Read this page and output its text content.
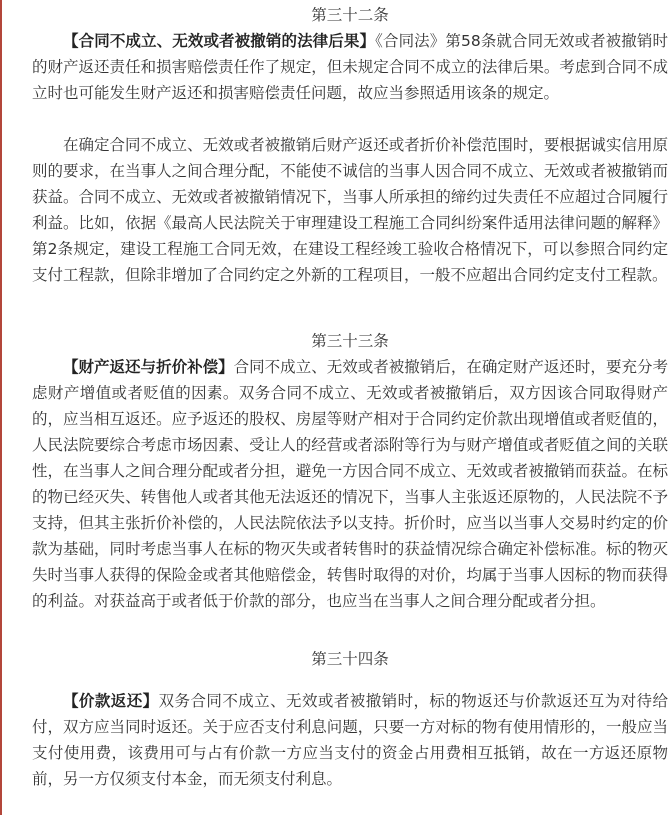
第三十二条

【合同不成立、无效或者被撤销的法律后果】《合同法》第58条就合同无效或者被撤销时的财产返还责任和损害赔偿责任作了规定，但未规定合同不成立的法律后果。考虑到合同不成立时也可能发生财产返还和损害赔偿责任问题，故应当参照适用该条的规定。

在确定合同不成立、无效或者被撤销后财产返还或者折价补偿范围时，要根据诚实信用原则的要求，在当事人之间合理分配，不能使不诚信的当事人因合同不成立、无效或者被撤销而获益。合同不成立、无效或者被撤销情况下，当事人所承担的缔约过失责任不应超过合同履行利益。比如，依据《最高人民法院关于审理建设工程施工合同纠纷案件适用法律问题的解释》第2条规定，建设工程施工合同无效，在建设工程经竣工验收合格情况下，可以参照合同约定支付工程款，但除非增加了合同约定之外新的工程项目，一般不应超出合同约定支付工程款。

第三十三条

【财产返还与折价补偿】合同不成立、无效或者被撤销后，在确定财产返还时，要充分考虑财产增值或者贬值的因素。双务合同不成立、无效或者被撤销后，双方因该合同取得财产的，应当相互返还。应予返还的股权、房屋等财产相对于合同约定价款出现增值或者贬值的，人民法院要综合考虑市场因素、受让人的经营或者添附等行为与财产增值或者贬值之间的关联性，在当事人之间合理分配或者分担，避免一方因合同不成立、无效或者被撤销而获益。在标的物已经灭失、转售他人或者其他无法返还的情况下，当事人主张返还原物的，人民法院不予支持，但其主张折价补偿的，人民法院依法予以支持。折价时，应当以当事人交易时约定的价款为基础，同时考虑当事人在标的物灭失或者转售时的获益情况综合确定补偿标准。标的物灭失时当事人获得的保险金或者其他赔偿金，转售时取得的对价，均属于当事人因标的物而获得的利益。对获益高于或者低于价款的部分，也应当在当事人之间合理分配或者分担。

第三十四条

【价款返还】双务合同不成立、无效或者被撤销时，标的物返还与价款返还互为对待给付，双方应当同时返还。关于应否支付利息问题，只要一方对标的物有使用情形的，一般应当支付使用费，该费用可与占有价款一方应当支付的资金占用费相互抵销，故在一方返还原物前，另一方仅须支付本金，而无须支付利息。
